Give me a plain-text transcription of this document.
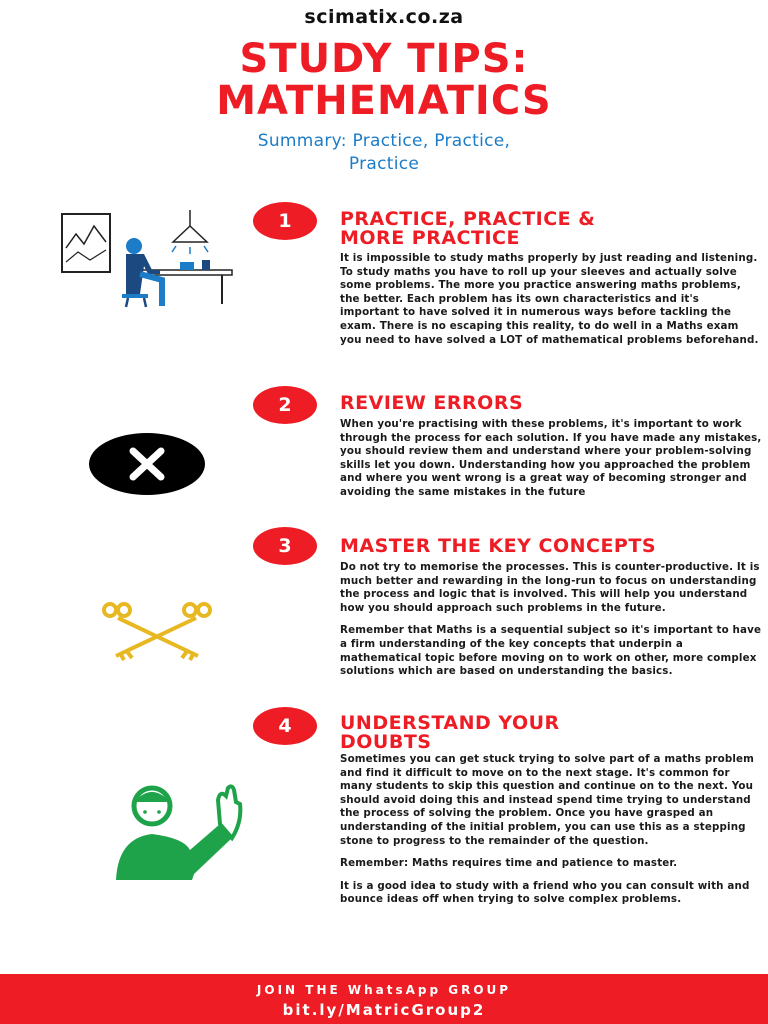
scimatix.co.za
STUDY TIPS:
MATHEMATICS
Summary: Practice, Practice,
Practice
1	PRACTICE, PRACTICE &
MORE PRACTICE

It is impossible to study maths properly by just reading and listening. To study maths you have to roll up your sleeves and actually solve some problems. The more you practice answering maths problems, the better. Each problem has its own characteristics and it's important to have solved it in numerous ways before tackling the exam. There is no escaping this reality, to do well in a Maths exam you need to have solved a LOT of mathematical problems beforehand.

2	REVIEW ERRORS

When you're practising with these problems, it's important to work through the process for each solution. If you have made any mistakes, you should review them and understand where your problem-solving skills let you down. Understanding how you approached the problem and where you went wrong is a great way of becoming stronger and avoiding the same mistakes in the future

3	MASTER THE KEY CONCEPTS

Do not try to memorise the processes. This is counter-productive. It is much better and rewarding in the long-run to focus on understanding the process and logic that is involved. This will help you understand how you should approach such problems in the future.

Remember that Maths is a sequential subject so it's important to have a firm understanding of the key concepts that underpin a mathematical topic before moving on to work on other, more complex solutions which are based on understanding the basics.

4	UNDERSTAND YOUR
DOUBTS

Sometimes you can get stuck trying to solve part of a maths problem and find it difficult to move on to the next stage. It's common for many students to skip this question and continue on to the next. You should avoid doing this and instead spend time trying to understand the process of solving the problem. Once you have grasped an understanding of the initial problem, you can use this as a stepping stone to progress to the remainder of the question.

Remember: Maths requires time and patience to master.

It is a good idea to study with a friend who you can consult with and bounce ideas off when trying to solve complex problems.

JOIN THE WhatsApp GROUP
bit.ly/MatricGroup2
